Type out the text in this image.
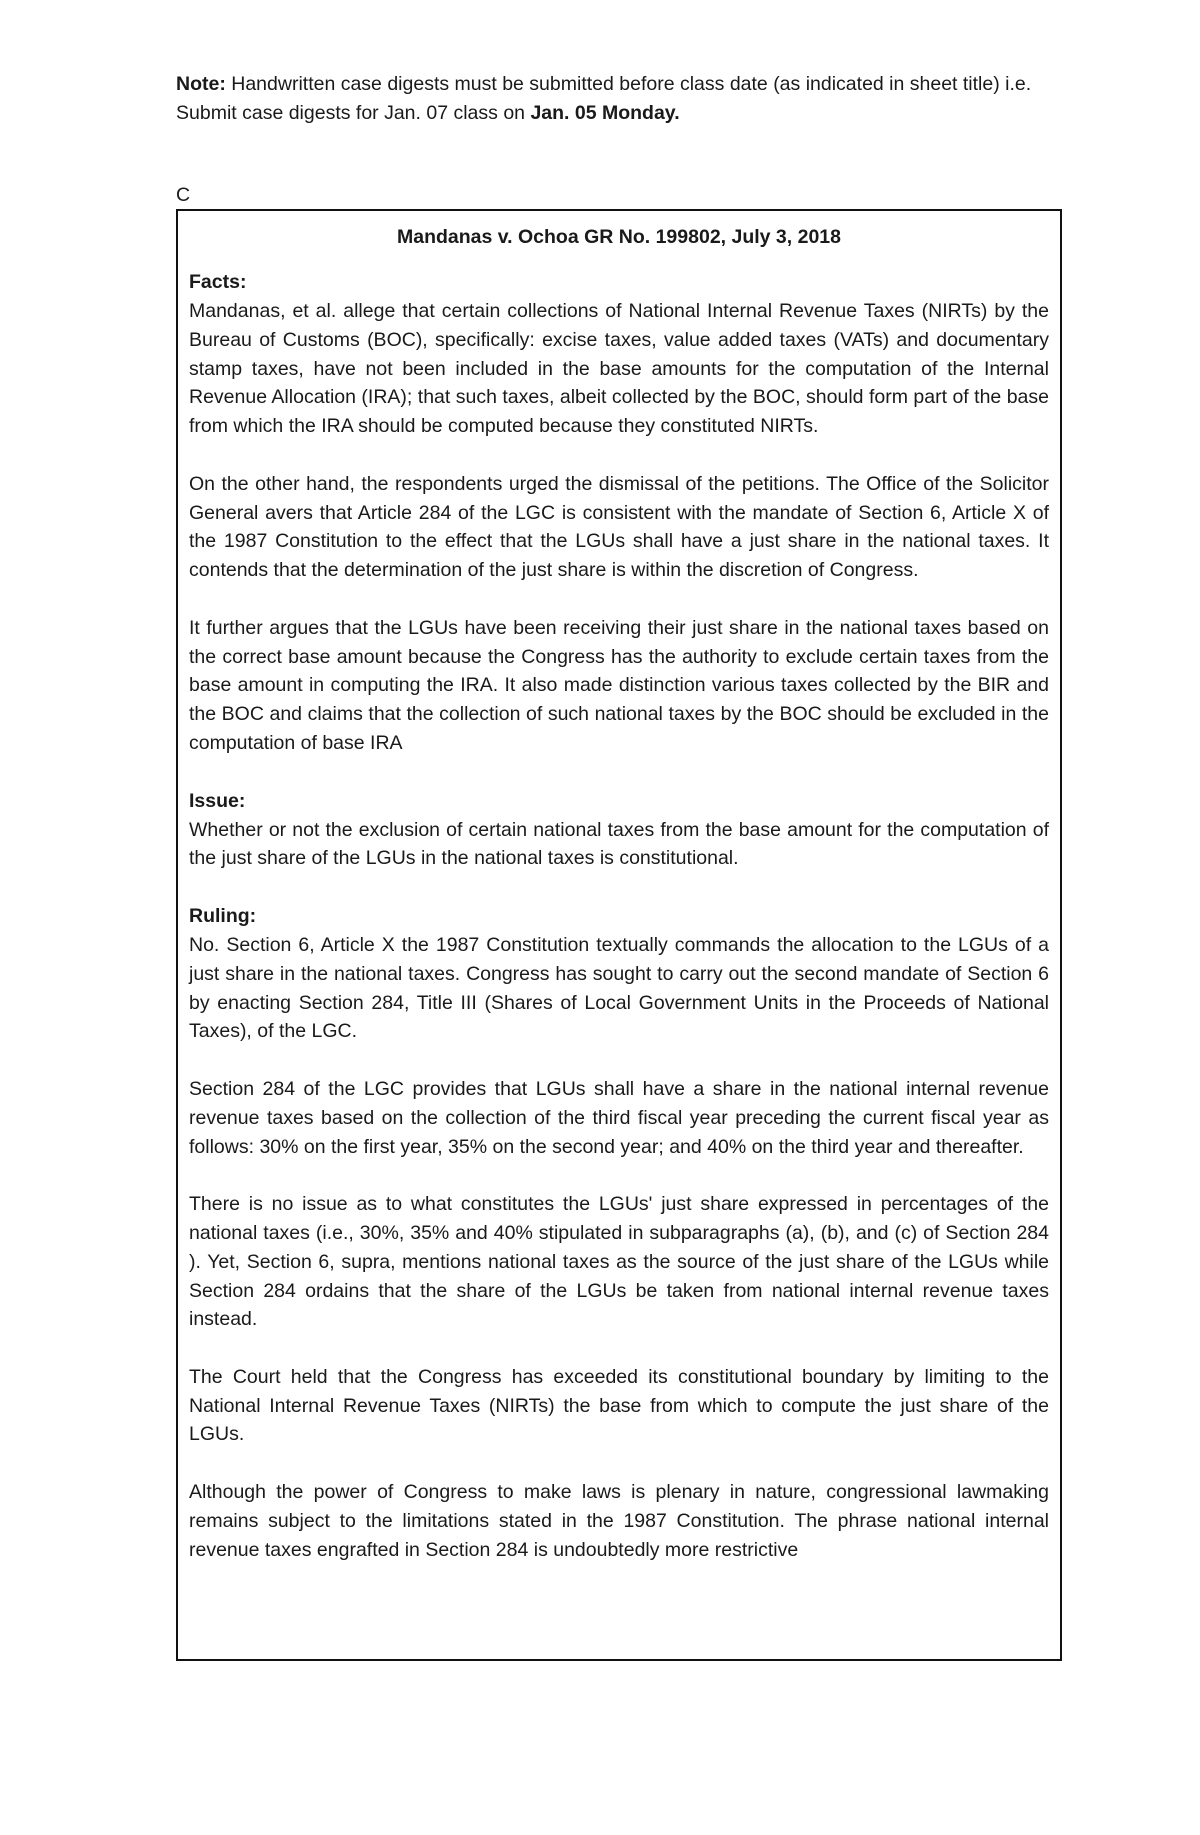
Note: Handwritten case digests must be submitted before class date (as indicated in sheet title) i.e. Submit case digests for Jan. 07 class on Jan. 05 Monday.

C

Mandanas v. Ochoa GR No. 199802, July 3, 2018

Facts:

Mandanas, et al. allege that certain collections of National Internal Revenue Taxes (NIRTs) by the Bureau of Customs (BOC), specifically: excise taxes, value added taxes (VATs) and documentary stamp taxes, have not been included in the base amounts for the computation of the Internal Revenue Allocation (IRA); that such taxes, albeit collected by the BOC, should form part of the base from which the IRA should be computed because they constituted NIRTs.

On the other hand, the respondents urged the dismissal of the petitions. The Office of the Solicitor General avers that Article 284 of the LGC is consistent with the mandate of Section 6, Article X of the 1987 Constitution to the effect that the LGUs shall have a just share in the national taxes. It contends that the determination of the just share is within the discretion of Congress.

It further argues that the LGUs have been receiving their just share in the national taxes based on the correct base amount because the Congress has the authority to exclude certain taxes from the base amount in computing the IRA. It also made distinction various taxes collected by the BIR and the BOC and claims that the collection of such national taxes by the BOC should be excluded in the computation of base IRA

Issue:

Whether or not the exclusion of certain national taxes from the base amount for the computation of the just share of the LGUs in the national taxes is constitutional.

Ruling:

No. Section 6, Article X the 1987 Constitution textually commands the allocation to the LGUs of a just share in the national taxes. Congress has sought to carry out the second mandate of Section 6 by enacting Section 284, Title III (Shares of Local Government Units in the Proceeds of National Taxes), of the LGC.

Section 284 of the LGC provides that LGUs shall have a share in the national internal revenue revenue taxes based on the collection of the third fiscal year preceding the current fiscal year as follows: 30% on the first year, 35% on the second year; and 40% on the third year and thereafter.

There is no issue as to what constitutes the LGUs' just share expressed in percentages of the national taxes (i.e., 30%, 35% and 40% stipulated in subparagraphs (a), (b), and (c) of Section 284 ). Yet, Section 6, supra, mentions national taxes as the source of the just share of the LGUs while Section 284 ordains that the share of the LGUs be taken from national internal revenue taxes instead.

The Court held that the Congress has exceeded its constitutional boundary by limiting to the National Internal Revenue Taxes (NIRTs) the base from which to compute the just share of the LGUs.

Although the power of Congress to make laws is plenary in nature, congressional lawmaking remains subject to the limitations stated in the 1987 Constitution. The phrase national internal revenue taxes engrafted in Section 284 is undoubtedly more restrictive
